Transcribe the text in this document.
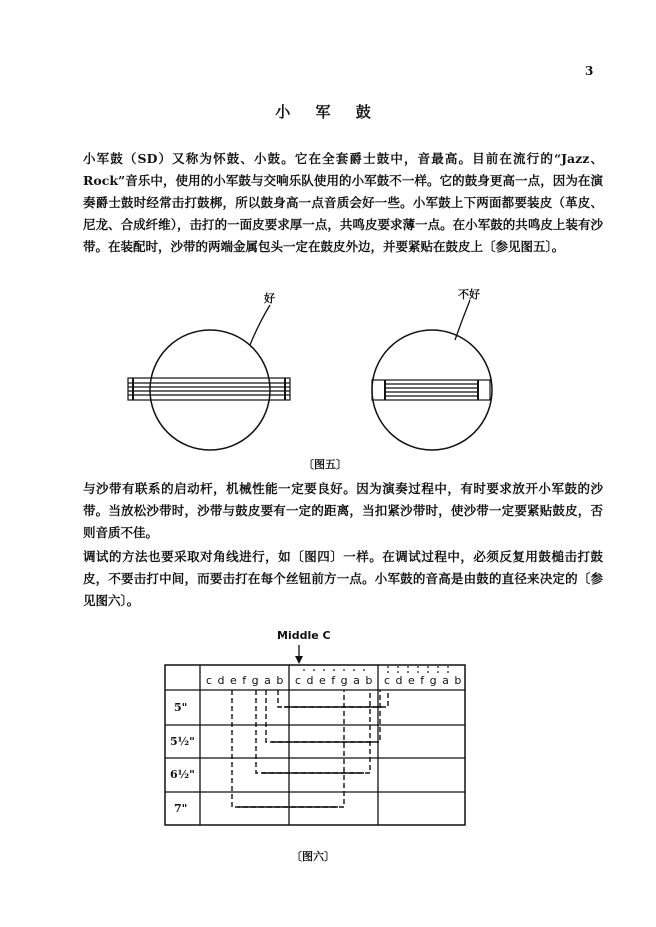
3
小 军 鼓
小军鼓（SD）又称为怀鼓、小鼓。它在全套爵士鼓中，音最高。目前在流行的“Jazz、Rock”音乐中，使用的小军鼓与交响乐队使用的小军鼓不一样。它的鼓身更高一点，因为在演奏爵士鼓时经常击打鼓梆，所以鼓身高一点音质会好一些。小军鼓上下两面都要装皮（革皮、尼龙、合成纤维），击打的一面皮要求厚一点，共鸣皮要求薄一点。在小军鼓的共鸣皮上装有沙带。在装配时，沙带的两端金属包头一定在鼓皮外边，并要紧贴在鼓皮上〔参见图五〕。
好	不好
〔图五〕
与沙带有联系的启动杆，机械性能一定要良好。因为演奏过程中，有时要求放开小军鼓的沙带。当放松沙带时，沙带与鼓皮要有一定的距离，当扣紧沙带时，使沙带一定要紧贴鼓皮，否则音质不佳。
调试的方法也要采取对角线进行，如〔图四〕一样。在调试过程中，必须反复用鼓槌击打鼓皮，不要击打中间，而要击打在每个丝钮前方一点。小军鼓的音高是由鼓的直径来决定的〔参见图六〕。
Middle C
c d e f g a b c d e f g a b c d e f g a b
5"
5½"
6½"
7"
〔图六〕
